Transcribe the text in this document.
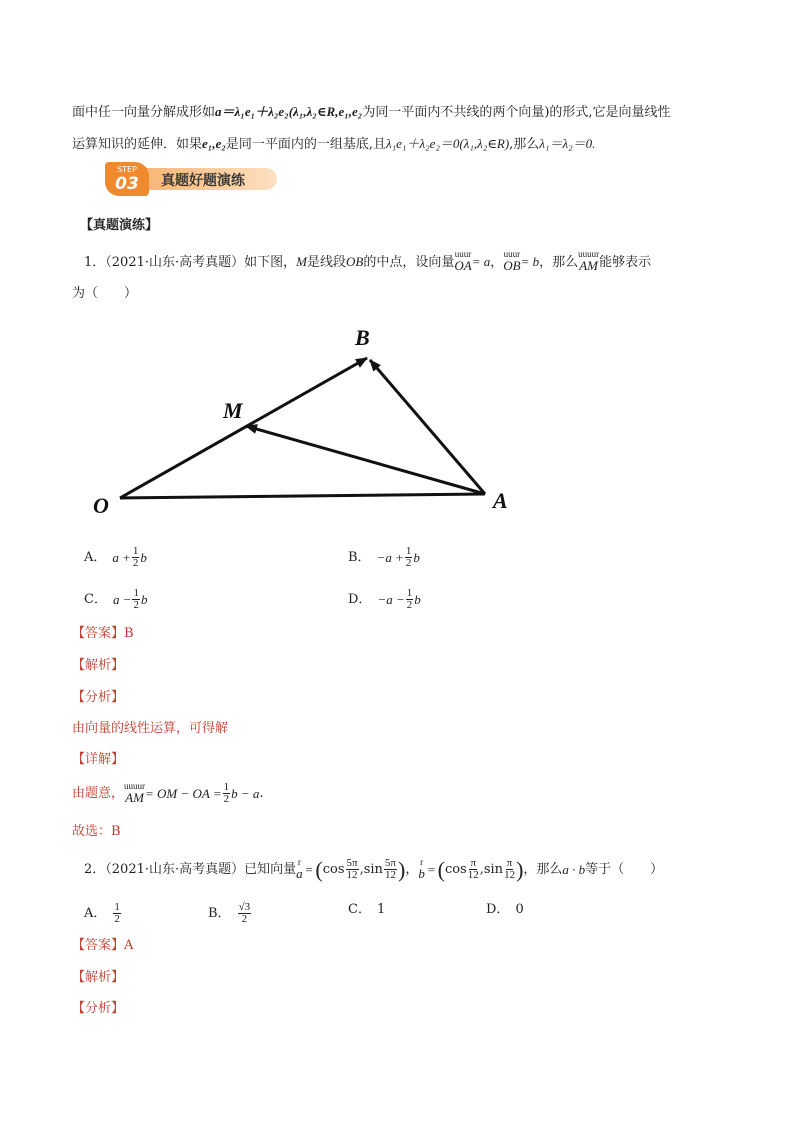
面中任一向量分解成形如a＝λ₁e₁＋λ₂e₂(λ₁,λ₂∈R,e₁,e₂为同一平面内不共线的两个向量)的形式,它是向量线性
运算知识的延伸．如果e₁,e₂是同一平面内的一组基底,且λ₁e₁＋λ₂e₂＝0(λ₁,λ₂∈R),那么λ₁＝λ₂＝0.
STEP
03	真题好题演练
【真题演练】
1．（2021·山东·高考真题）如下图，M是线段OB的中点，设向量
uuur
OA = a，
uuur
OB = b，那么
uuuur
AM 能够表示
为（　　）
B
M
O	A
A． $a + \frac{1}{2}$ b	B． $-a + \frac{1}{2}$ b
C． $a - \frac{1}{2}$ b	D． $-a - \frac{1}{2}$ b
【答案】B
【解析】
【分析】
由向量的线性运算，可得解
【详解】
由题意， uuuur
AM = OM − OA = $\frac{1}{2}$ b − a .
故选：B
2．（2021·山东·高考真题）已知向量 r
a = ( $\cos \frac{5\pi}{12} ,\sin \frac{5\pi}{12}$ ) ， r
b = ( $\cos \frac{\pi}{12} ,\sin \frac{\pi}{12}$ ) ，那么 a · b 等于（　　）
A． $\frac{1}{2}$	B． $\frac{√3}{2}$	C． 1	D． 0
【答案】A
【解析】
【分析】
